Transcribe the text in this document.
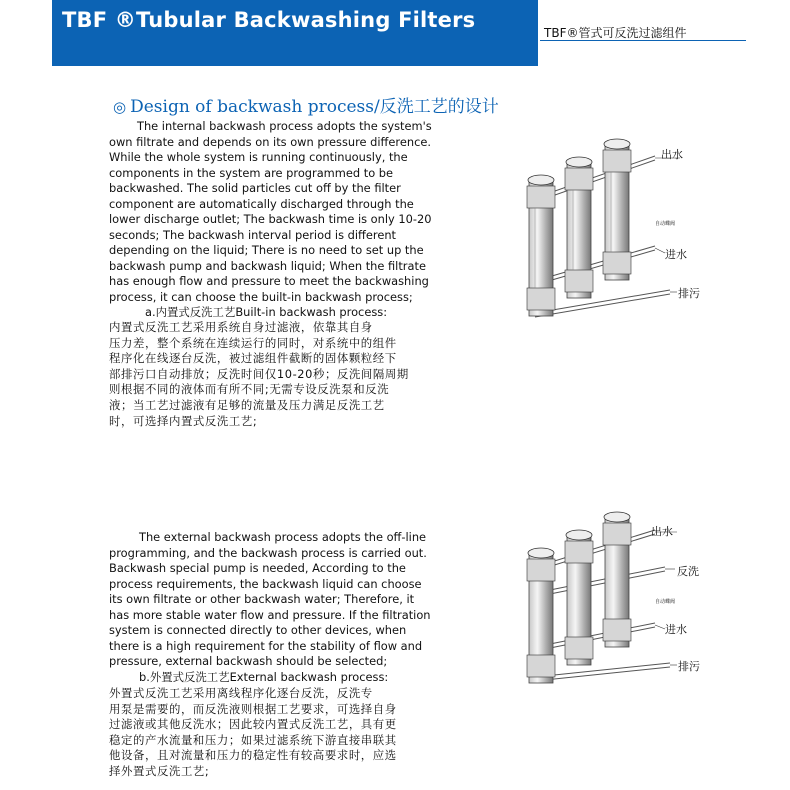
TBF ®Tubular Backwashing Filters
TBF®管式可反洗过滤组件
◎ Design of backwash process/反洗工艺的设计
The internal backwash process adopts the system's
own filtrate and depends on its own pressure difference.
While the whole system is running continuously, the
components in the system are programmed to be
backwashed. The solid particles cut off by the filter
component are automatically discharged through the
lower discharge outlet; The backwash time is only 10-20
seconds; The backwash interval period is different
depending on the liquid; There is no need to set up the
backwash pump and backwash liquid; When the filtrate
has enough flow and pressure to meet the backwashing
process, it can choose the built-in backwash process;
a.内置式反洗工艺Built-in backwash process:
内置式反洗工艺采用系统自身过滤液，依靠其自身
压力差，整个系统在连续运行的同时，对系统中的组件
程序化在线逐台反洗，被过滤组件截断的固体颗粒经下
部排污口自动排放；反洗时间仅10-20秒；反洗间隔周期
则根据不同的液体而有所不同;无需专设反洗泵和反洗
液；当工艺过滤液有足够的流量及压力满足反洗工艺
时，可选择内置式反洗工艺;
The external backwash process adopts the off-line
programming, and the backwash process is carried out.
Backwash special pump is needed, According to the
process requirements, the backwash liquid can choose
its own filtrate or other backwash water; Therefore, it
has more stable water flow and pressure. If the filtration
system is connected directly to other devices, when
there is a high requirement for the stability of flow and
pressure, external backwash should be selected;
b.外置式反洗工艺External backwash process:
外置式反洗工艺采用离线程序化逐台反洗，反洗专
用泵是需要的，而反洗液则根据工艺要求，可选择自身
过滤液或其他反洗水；因此较内置式反洗工艺，具有更
稳定的产水流量和压力；如果过滤系统下游直接串联其
他设备，且对流量和压力的稳定性有较高要求时，应选
择外置式反洗工艺;
出水
自动蝶阀
进水
排污
出水
反洗
自动蝶阀
进水
排污
